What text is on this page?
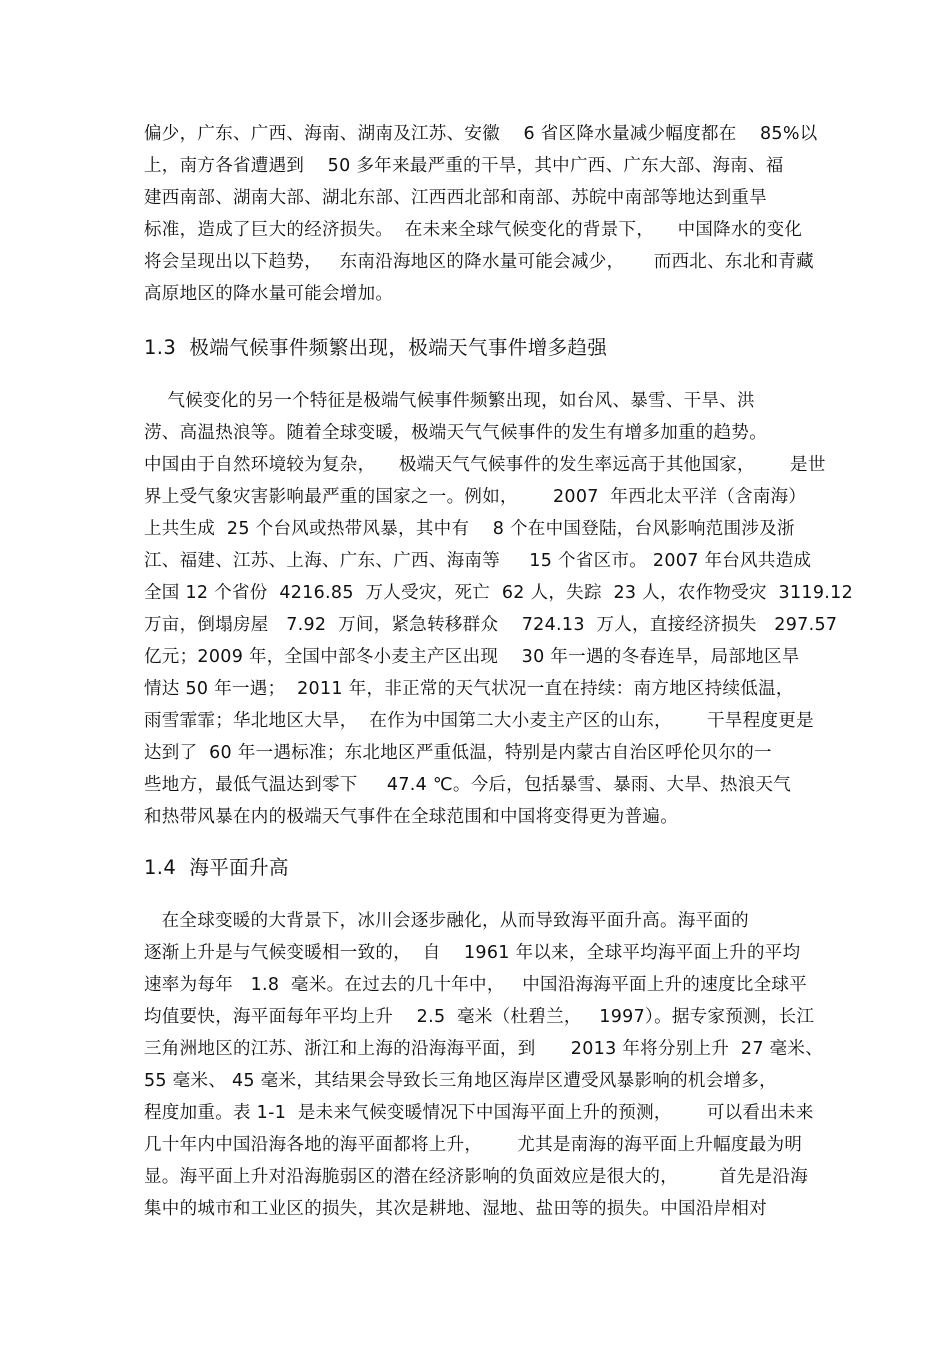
偏少，广东、广西、海南、湖南及江苏、安徽    6 省区降水量减少幅度都在    85%以
上，南方各省遭遇到    50 多年来最严重的干旱，其中广西、广东大部、海南、福
建西南部、湖南大部、湖北东部、江西西北部和南部、苏皖中南部等地达到重旱
标准，造成了巨大的经济损失。  在未来全球气候变化的背景下，    中国降水的变化
将会呈现出以下趋势，   东南沿海地区的降水量可能会减少，     而西北、东北和青藏
高原地区的降水量可能会增加。
1.3  极端气候事件频繁出现，极端天气事件增多趋强
气候变化的另一个特征是极端气候事件频繁出现，如台风、暴雪、干旱、洪
涝、高温热浪等。随着全球变暖，极端天气气候事件的发生有增多加重的趋势。
中国由于自然环境较为复杂，    极端天气气候事件的发生率远高于其他国家，      是世
界上受气象灾害影响最严重的国家之一。例如，      2007  年西北太平洋（含南海）
上共生成  25 个台风或热带风暴，其中有    8 个在中国登陆，台风影响范围涉及浙
江、福建、江苏、上海、广东、广西、海南等     15 个省区市。 2007 年台风共造成
全国 12 个省份  4216.85  万人受灾，死亡  62 人，失踪  23 人，农作物受灾  3119.12
万亩，倒塌房屋   7.92  万间，紧急转移群众    724.13  万人，直接经济损失   297.57
亿元；2009 年，全国中部冬小麦主产区出现    30 年一遇的冬春连旱，局部地区旱
情达 50 年一遇；  2011 年，非正常的天气状况一直在持续：南方地区持续低温，
雨雪霏霏；华北地区大旱，  在作为中国第二大小麦主产区的山东，      干旱程度更是
达到了  60 年一遇标准；东北地区严重低温，特别是内蒙古自治区呼伦贝尔的一
些地方，最低气温达到零下     47.4 ℃。今后，包括暴雪、暴雨、大旱、热浪天气
和热带风暴在内的极端天气事件在全球范围和中国将变得更为普遍。
1.4  海平面升高
在全球变暖的大背景下，冰川会逐步融化，从而导致海平面升高。海平面的
逐渐上升是与气候变暖相一致的，  自    1961 年以来，全球平均海平面上升的平均
速率为每年   1.8  毫米。在过去的几十年中，   中国沿海海平面上升的速度比全球平
均值要快，海平面每年平均上升    2.5  毫米（杜碧兰，   1997）。据专家预测，长江
三角洲地区的江苏、浙江和上海的沿海海平面，到      2013 年将分别上升  27 毫米、
55 毫米、 45 毫米，其结果会导致长三角地区海岸区遭受风暴影响的机会增多，
程度加重。表 1-1  是未来气候变暖情况下中国海平面上升的预测，      可以看出未来
几十年内中国沿海各地的海平面都将上升，      尤其是南海的海平面上升幅度最为明
显。海平面上升对沿海脆弱区的潜在经济影响的负面效应是很大的，       首先是沿海
集中的城市和工业区的损失，其次是耕地、湿地、盐田等的损失。中国沿岸相对
